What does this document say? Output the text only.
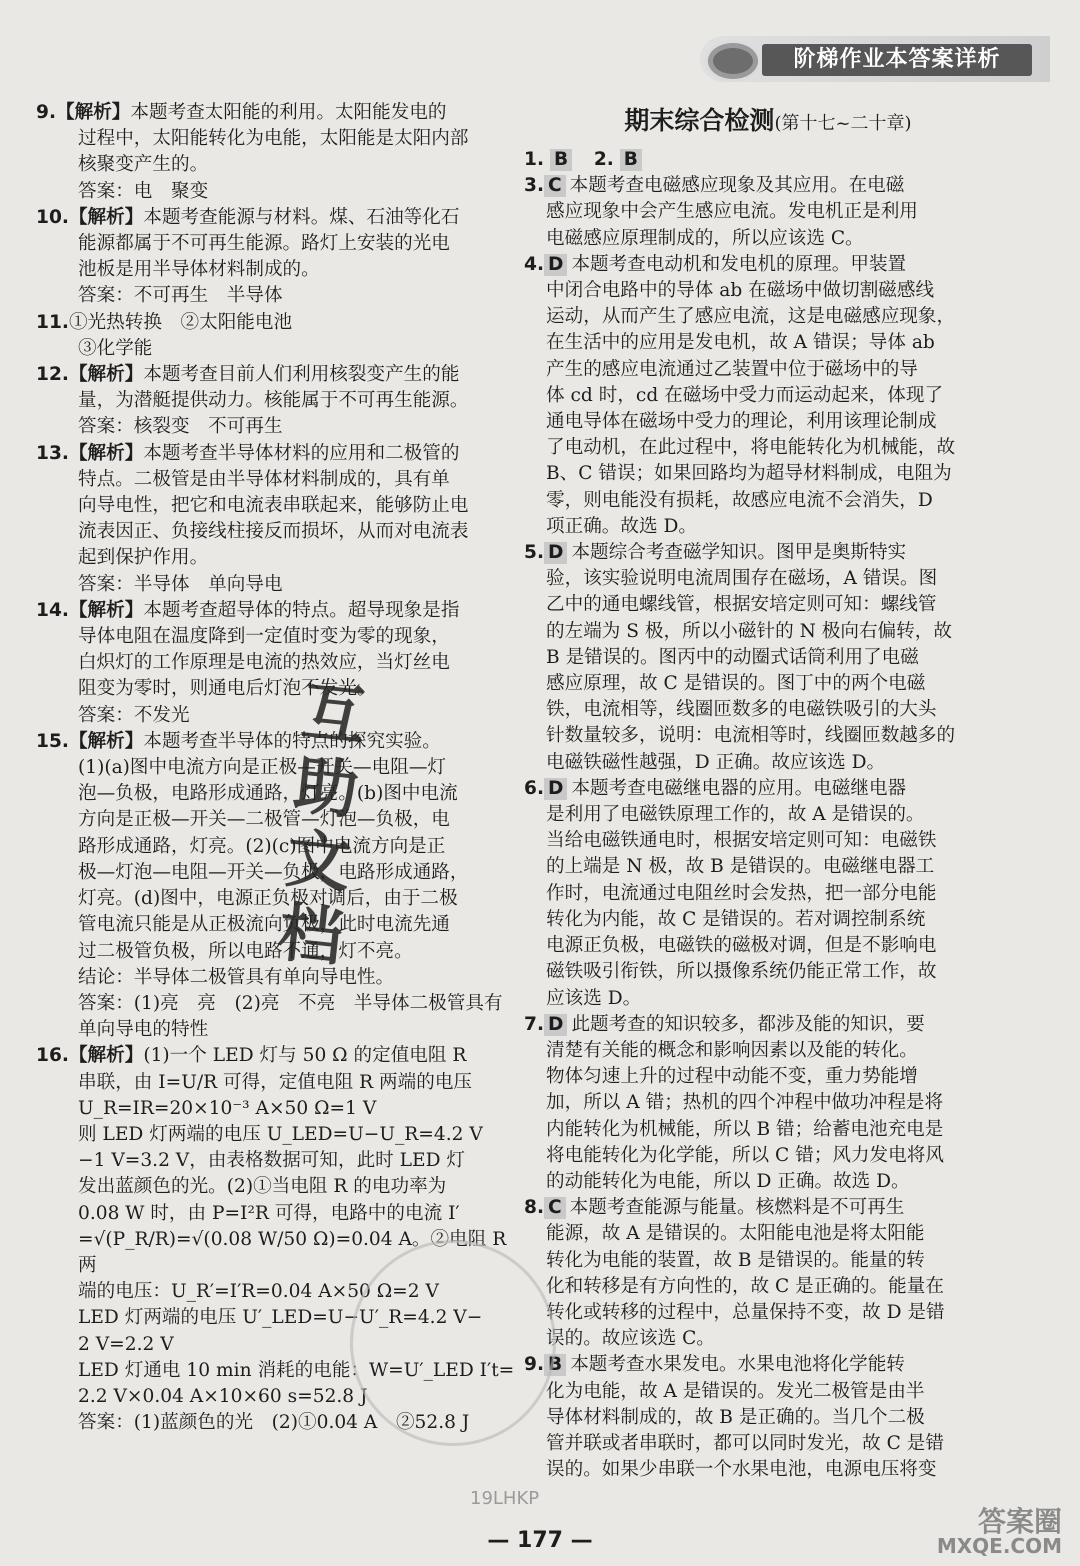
阶梯作业本答案详析
9.【解析】本题考查太阳能的利用。太阳能发电的
过程中，太阳能转化为电能，太阳能是太阳内部
核聚变产生的。
答案：电　聚变
10.【解析】本题考查能源与材料。煤、石油等化石
能源都属于不可再生能源。路灯上安装的光电
池板是用半导体材料制成的。
答案：不可再生　半导体
11.①光热转换　②太阳能电池
③化学能
12.【解析】本题考查目前人们利用核裂变产生的能
量，为潜艇提供动力。核能属于不可再生能源。
答案：核裂变　不可再生
13.【解析】本题考查半导体材料的应用和二极管的
特点。二极管是由半导体材料制成的，具有单
向导电性，把它和电流表串联起来，能够防止电
流表因正、负接线柱接反而损坏，从而对电流表
起到保护作用。
答案：半导体　单向导电
14.【解析】本题考查超导体的特点。超导现象是指
导体电阻在温度降到一定值时变为零的现象，
白炽灯的工作原理是电流的热效应，当灯丝电
阻变为零时，则通电后灯泡不发光。
答案：不发光
15.【解析】本题考查半导体的特点的探究实验。
(1)(a)图中电流方向是正极—开关—电阻—灯
泡—负极，电路形成通路，灯亮。(b)图中电流
方向是正极—开关—二极管—灯泡—负极，电
路形成通路，灯亮。(2)(c)图中电流方向是正
极—灯泡—电阻—开关—负极，电路形成通路，
灯亮。(d)图中，电源正负极对调后，由于二极
管电流只能是从正极流向负极，此时电流先通
过二极管负极，所以电路不通，灯不亮。
结论：半导体二极管具有单向导电性。
答案：(1)亮　亮　(2)亮　不亮　半导体二极管具有单向导电的特性
16.【解析】(1)一个 LED 灯与 50 Ω 的定值电阻 R
串联，由 I=U/R 可得，定值电阻 R 两端的电压
U_R=IR=20×10⁻³ A×50 Ω=1 V
则 LED 灯两端的电压 U_LED=U−U_R=4.2 V
−1 V=3.2 V，由表格数据可知，此时 LED 灯
发出蓝颜色的光。(2)①当电阻 R 的电功率为
0.08 W 时，由 P=I²R 可得，电路中的电流 I′
=√(P_R/R)=√(0.08 W/50 Ω)=0.04 A。②电阻 R 两
端的电压：U_R′=I′R=0.04 A×50 Ω=2 V
LED 灯两端的电压 U′_LED=U−U′_R=4.2 V−
2 V=2.2 V
LED 灯通电 10 min 消耗的电能：W=U′_LED I′t=
2.2 V×0.04 A×10×60 s=52.8 J
答案：(1)蓝颜色的光　(2)①0.04 A　②52.8 J
期末综合检测(第十七~二十章)
1. B 2. B
3. C 本题考查电磁感应现象及其应用。在电磁
感应现象中会产生感应电流。发电机正是利用
电磁感应原理制成的，所以应该选 C。
4. D 本题考查电动机和发电机的原理。甲装置
中闭合电路中的导体 ab 在磁场中做切割磁感线
运动，从而产生了感应电流，这是电磁感应现象，
在生活中的应用是发电机，故 A 错误；导体 ab
产生的感应电流通过乙装置中位于磁场中的导
体 cd 时，cd 在磁场中受力而运动起来，体现了
通电导体在磁场中受力的理论，利用该理论制成
了电动机，在此过程中，将电能转化为机械能，故
B、C 错误；如果回路均为超导材料制成，电阻为
零，则电能没有损耗，故感应电流不会消失，D
项正确。故选 D。
5. D 本题综合考查磁学知识。图甲是奥斯特实
验，该实验说明电流周围存在磁场，A 错误。图
乙中的通电螺线管，根据安培定则可知：螺线管
的左端为 S 极，所以小磁针的 N 极向右偏转，故
B 是错误的。图丙中的动圈式话筒利用了电磁
感应原理，故 C 是错误的。图丁中的两个电磁
铁，电流相等，线圈匝数多的电磁铁吸引的大头
针数量较多，说明：电流相等时，线圈匝数越多的
电磁铁磁性越强，D 正确。故应该选 D。
6. D 本题考查电磁继电器的应用。电磁继电器
是利用了电磁铁原理工作的，故 A 是错误的。
当给电磁铁通电时，根据安培定则可知：电磁铁
的上端是 N 极，故 B 是错误的。电磁继电器工
作时，电流通过电阻丝时会发热，把一部分电能
转化为内能，故 C 是错误的。若对调控制系统
电源正负极，电磁铁的磁极对调，但是不影响电
磁铁吸引衔铁，所以摄像系统仍能正常工作，故
应该选 D。
7. D 此题考查的知识较多，都涉及能的知识，要
清楚有关能的概念和影响因素以及能的转化。
物体匀速上升的过程中动能不变，重力势能增
加，所以 A 错；热机的四个冲程中做功冲程是将
内能转化为机械能，所以 B 错；给蓄电池充电是
将电能转化为化学能，所以 C 错；风力发电将风
的动能转化为电能，所以 D 正确。故选 D。
8. C 本题考查能源与能量。核燃料是不可再生
能源，故 A 是错误的。太阳能电池是将太阳能
转化为电能的装置，故 B 是错误的。能量的转
化和转移是有方向性的，故 C 是正确的。能量在
转化或转移的过程中，总量保持不变，故 D 是错
误的。故应该选 C。
9. B 本题考查水果发电。水果电池将化学能转
化为电能，故 A 是错误的。发光二极管是由半
导体材料制成的，故 B 是正确的。当几个二极
管并联或者串联时，都可以同时发光，故 C 是错
误的。如果少串联一个水果电池，电源电压将变
19LHKP
互
助
文
档
— 177 —
答案圈
MXQE.COM
